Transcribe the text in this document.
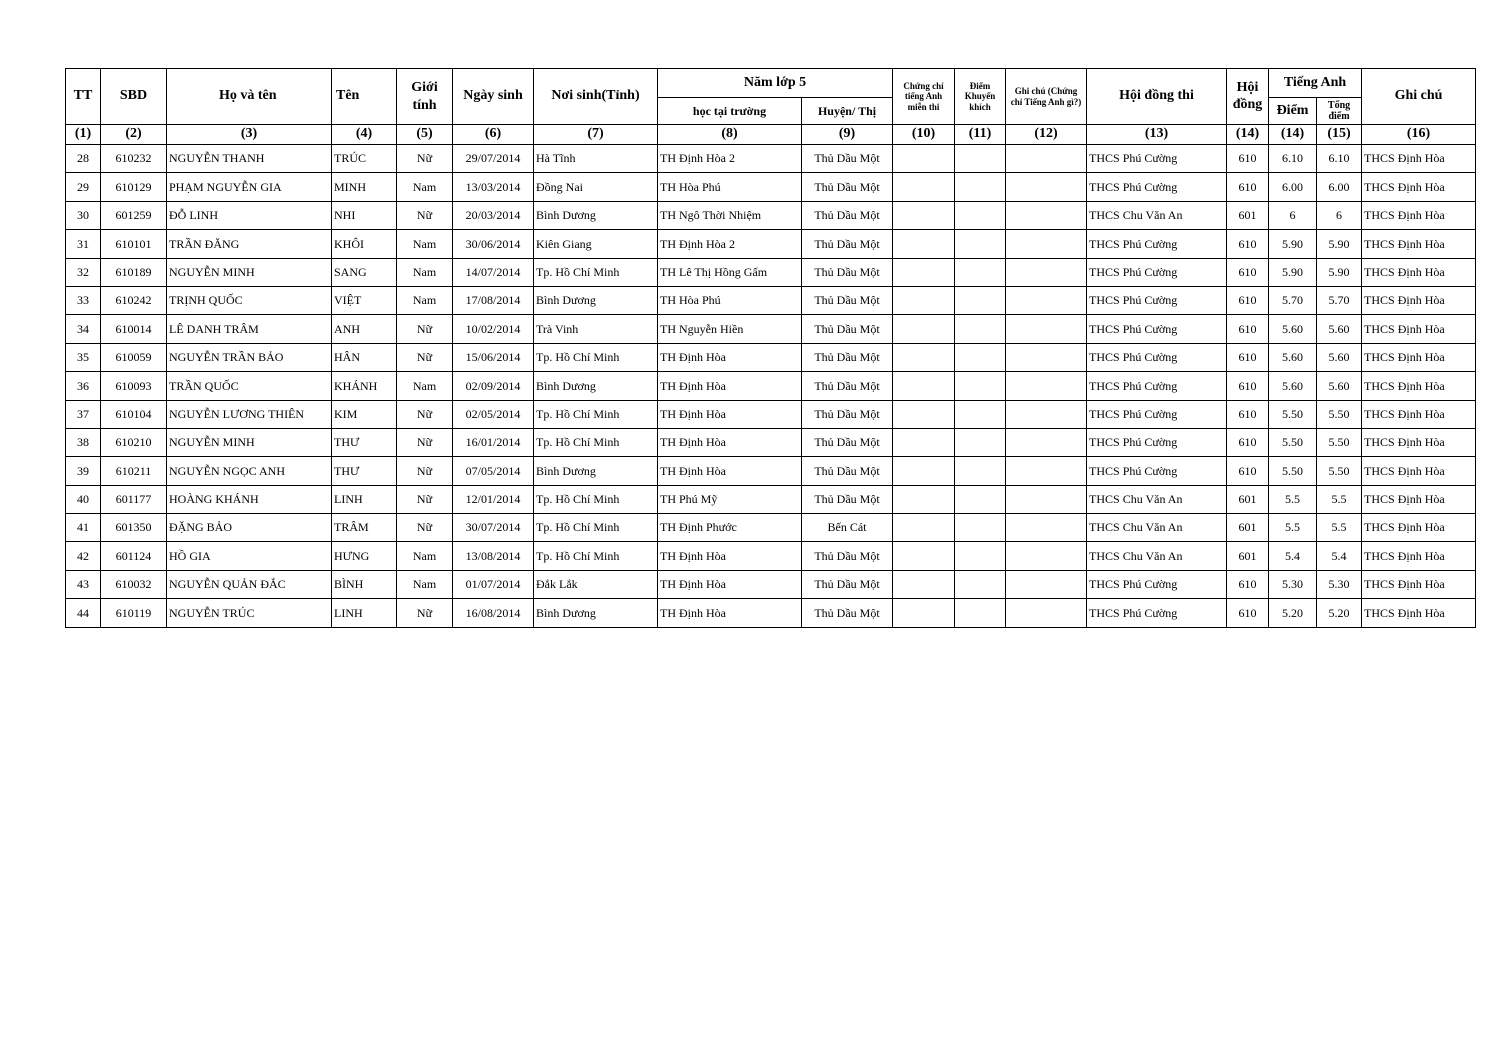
TT	SBD	Họ và tên	Tên	Giới tính	Ngày sinh	Nơi sinh(Tỉnh)	Năm lớp 5		Chứng chỉ tiếng Anh miễn thi	Điểm Khuyến khích	Ghi chú (Chứng chỉ Tiếng Anh gì?)	Hội đồng thi	Hội đồng	Tiếng Anh		Ghi chú
							học tại trường	Huyện/ Thị						Điểm	Tổng điểm	
(1)	(2)	(3)	(4)	(5)	(6)	(7)	(8)	(9)	(10)	(11)	(12)	(13)	(14)	(14)	(15)	(16)
28	610232	NGUYỄN THANH	TRÚC	Nữ	29/07/2014	Hà Tĩnh	TH Định Hòa 2	Thủ Dầu Một				THCS Phú Cường	610	6.10	6.10	THCS Định Hòa
29	610129	PHẠM NGUYỄN GIA	MINH	Nam	13/03/2014	Đồng Nai	TH Hòa Phú	Thủ Dầu Một				THCS Phú Cường	610	6.00	6.00	THCS Định Hòa
30	601259	ĐỖ LINH	NHI	Nữ	20/03/2014	Bình Dương	TH Ngô Thời Nhiệm	Thủ Dầu Một				THCS Chu Văn An	601	6	6	THCS Định Hòa
31	610101	TRẦN ĐĂNG	KHÔI	Nam	30/06/2014	Kiên Giang	TH Định Hòa 2	Thủ Dầu Một				THCS Phú Cường	610	5.90	5.90	THCS Định Hòa
32	610189	NGUYỄN MINH	SANG	Nam	14/07/2014	Tp. Hồ Chí Minh	TH Lê Thị Hồng Gấm	Thủ Dầu Một				THCS Phú Cường	610	5.90	5.90	THCS Định Hòa
33	610242	TRỊNH QUỐC	VIỆT	Nam	17/08/2014	Bình Dương	TH Hòa Phú	Thủ Dầu Một				THCS Phú Cường	610	5.70	5.70	THCS Định Hòa
34	610014	LÊ DANH TRÂM	ANH	Nữ	10/02/2014	Trà Vinh	TH Nguyễn Hiền	Thủ Dầu Một				THCS Phú Cường	610	5.60	5.60	THCS Định Hòa
35	610059	NGUYỄN TRẦN BẢO	HÂN	Nữ	15/06/2014	Tp. Hồ Chí Minh	TH Định Hòa	Thủ Dầu Một				THCS Phú Cường	610	5.60	5.60	THCS Định Hòa
36	610093	TRẦN QUỐC	KHÁNH	Nam	02/09/2014	Bình Dương	TH Định Hòa	Thủ Dầu Một				THCS Phú Cường	610	5.60	5.60	THCS Định Hòa
37	610104	NGUYỄN LƯƠNG THIÊN	KIM	Nữ	02/05/2014	Tp. Hồ Chí Minh	TH Định Hòa	Thủ Dầu Một				THCS Phú Cường	610	5.50	5.50	THCS Định Hòa
38	610210	NGUYỄN MINH	THƯ	Nữ	16/01/2014	Tp. Hồ Chí Minh	TH Định Hòa	Thủ Dầu Một				THCS Phú Cường	610	5.50	5.50	THCS Định Hòa
39	610211	NGUYỄN NGỌC ANH	THƯ	Nữ	07/05/2014	Bình Dương	TH Định Hòa	Thủ Dầu Một				THCS Phú Cường	610	5.50	5.50	THCS Định Hòa
40	601177	HOÀNG KHÁNH	LINH	Nữ	12/01/2014	Tp. Hồ Chí Minh	TH Phú Mỹ	Thủ Dầu Một				THCS Chu Văn An	601	5.5	5.5	THCS Định Hòa
41	601350	ĐẶNG BẢO	TRÂM	Nữ	30/07/2014	Tp. Hồ Chí Minh	TH Định Phước	Bến Cát				THCS Chu Văn An	601	5.5	5.5	THCS Định Hòa
42	601124	HỒ GIA	HƯNG	Nam	13/08/2014	Tp. Hồ Chí Minh	TH Định Hòa	Thủ Dầu Một				THCS Chu Văn An	601	5.4	5.4	THCS Định Hòa
43	610032	NGUYỄN QUẢN ĐẮC	BÌNH	Nam	01/07/2014	Đắk Lắk	TH Định Hòa	Thủ Dầu Một				THCS Phú Cường	610	5.30	5.30	THCS Định Hòa
44	610119	NGUYỄN TRÚC	LINH	Nữ	16/08/2014	Bình Dương	TH Định Hòa	Thủ Dầu Một				THCS Phú Cường	610	5.20	5.20	THCS Định Hòa
